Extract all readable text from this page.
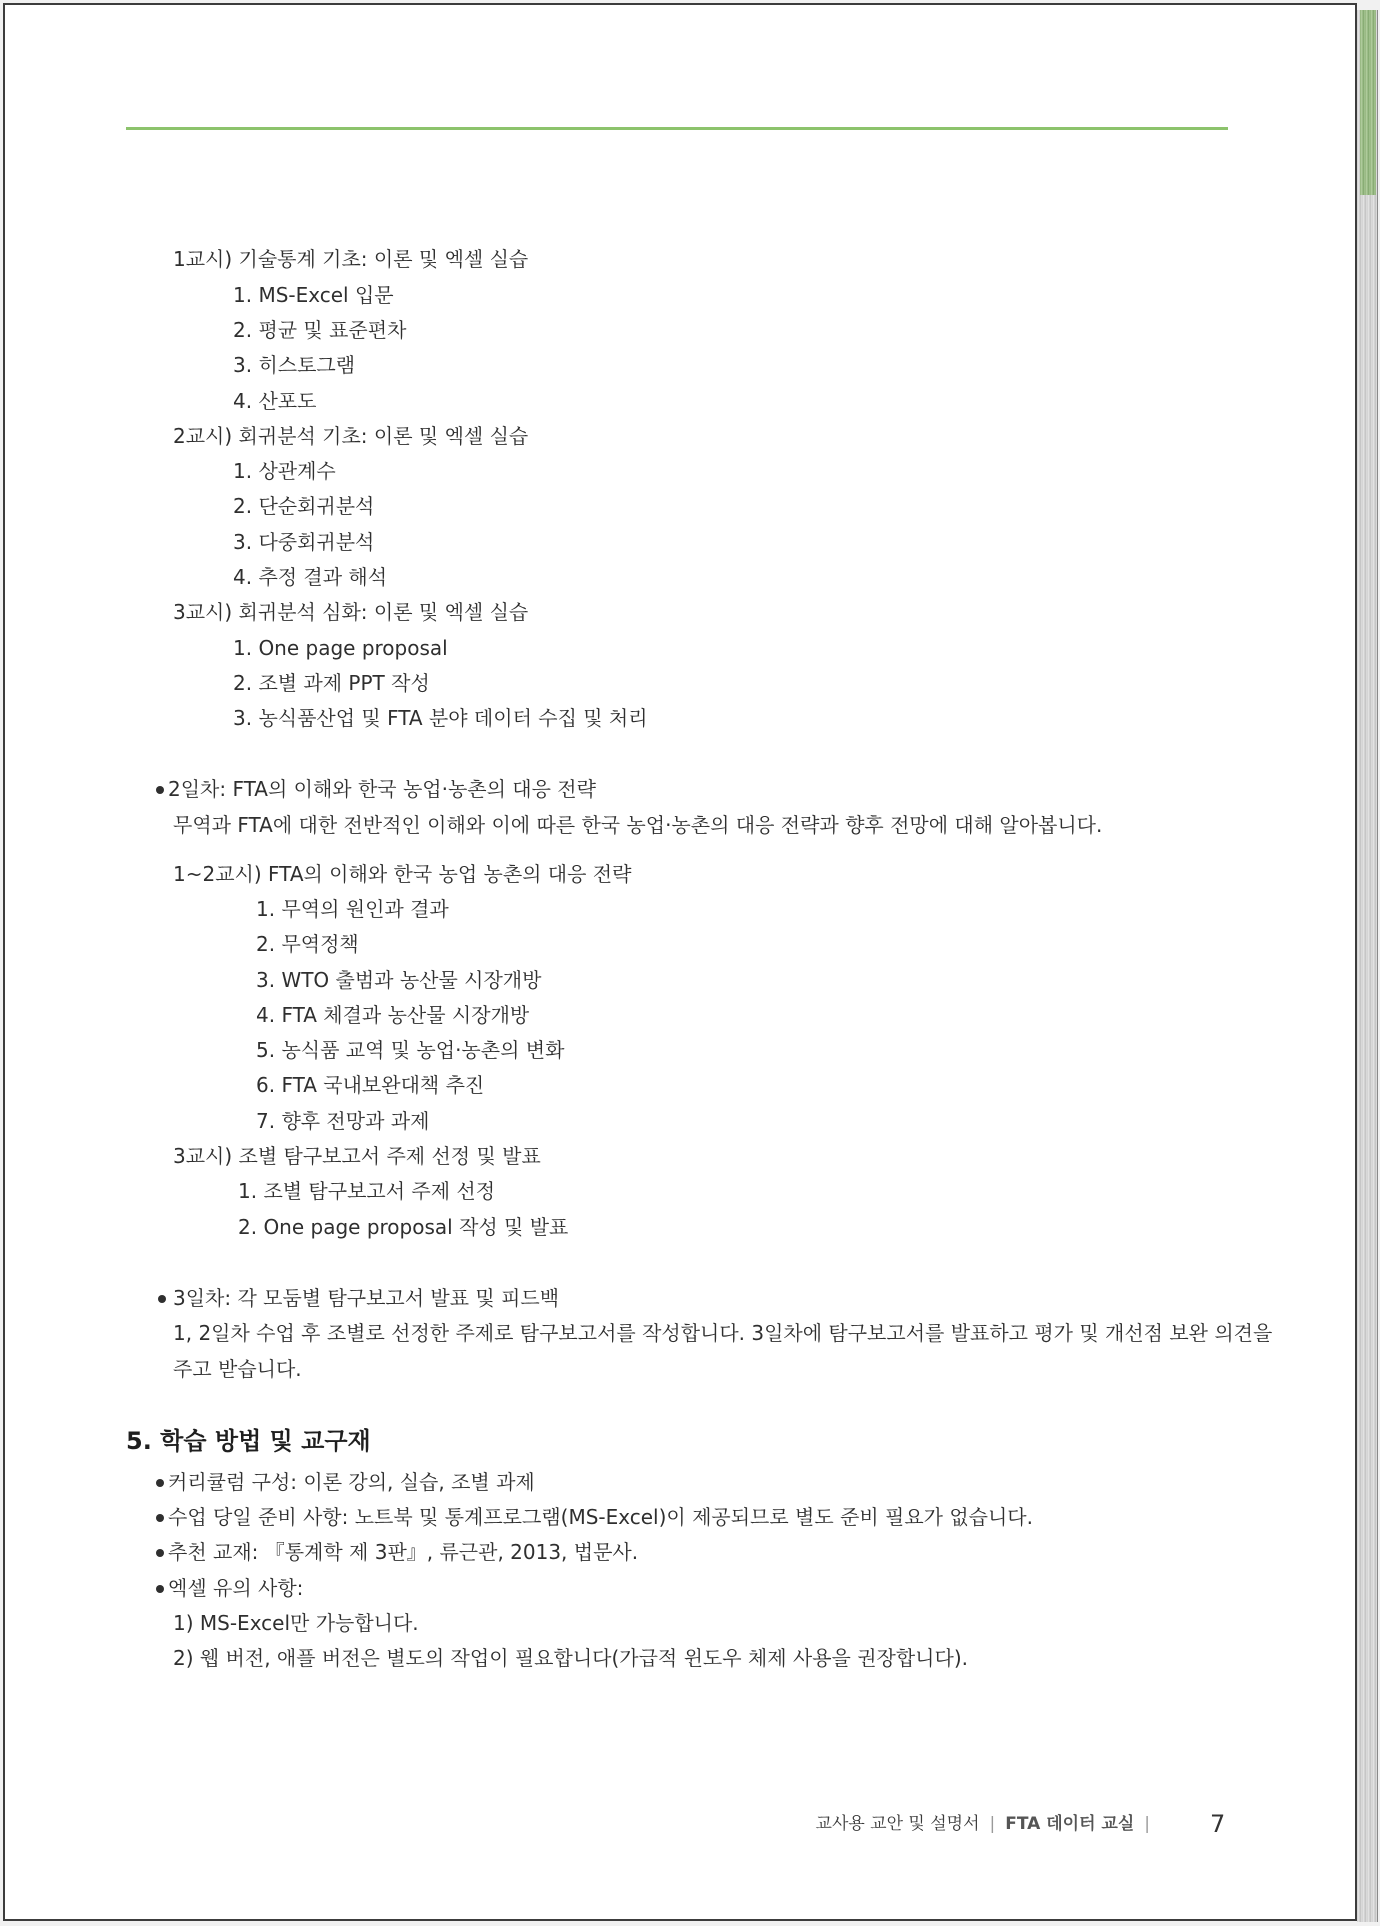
1교시) 기술통계 기초: 이론 및 엑셀 실습
1. MS-Excel 입문
2. 평균 및 표준편차
3. 히스토그램
4. 산포도
2교시) 회귀분석 기초: 이론 및 엑셀 실습
1. 상관계수
2. 단순회귀분석
3. 다중회귀분석
4. 추정 결과 해석
3교시) 회귀분석 심화: 이론 및 엑셀 실습
1. One page proposal
2. 조별 과제 PPT 작성
3. 농식품산업 및 FTA 분야 데이터 수집 및 처리
2일차: FTA의 이해와 한국 농업·농촌의 대응 전략
무역과 FTA에 대한 전반적인 이해와 이에 따른 한국 농업·농촌의 대응 전략과 향후 전망에 대해 알아봅니다.
1~2교시) FTA의 이해와 한국 농업 농촌의 대응 전략
1. 무역의 원인과 결과
2. 무역정책
3. WTO 출범과 농산물 시장개방
4. FTA 체결과 농산물 시장개방
5. 농식품 교역 및 농업·농촌의 변화
6. FTA 국내보완대책 추진
7. 향후 전망과 과제
3교시) 조별 탐구보고서 주제 선정 및 발표
1. 조별 탐구보고서 주제 선정
2. One page proposal 작성 및 발표
3일차: 각 모둠별 탐구보고서 발표 및 피드백
1, 2일차 수업 후 조별로 선정한 주제로 탐구보고서를 작성합니다. 3일차에 탐구보고서를 발표하고 평가 및 개선점 보완 의견을
주고 받습니다.
5. 학습 방법 및 교구재
커리큘럼 구성: 이론 강의, 실습, 조별 과제
수업 당일 준비 사항: 노트북 및 통계프로그램(MS-Excel)이 제공되므로 별도 준비 필요가 없습니다.
추천 교재: 『통계학 제 3판』, 류근관, 2013, 법문사.
엑셀 유의 사항:
1) MS-Excel만 가능합니다.
2) 웹 버전, 애플 버전은 별도의 작업이 필요합니다(가급적 윈도우 체제 사용을 권장합니다).
교사용 교안 및 설명서 | FTA 데이터 교실 |	7
